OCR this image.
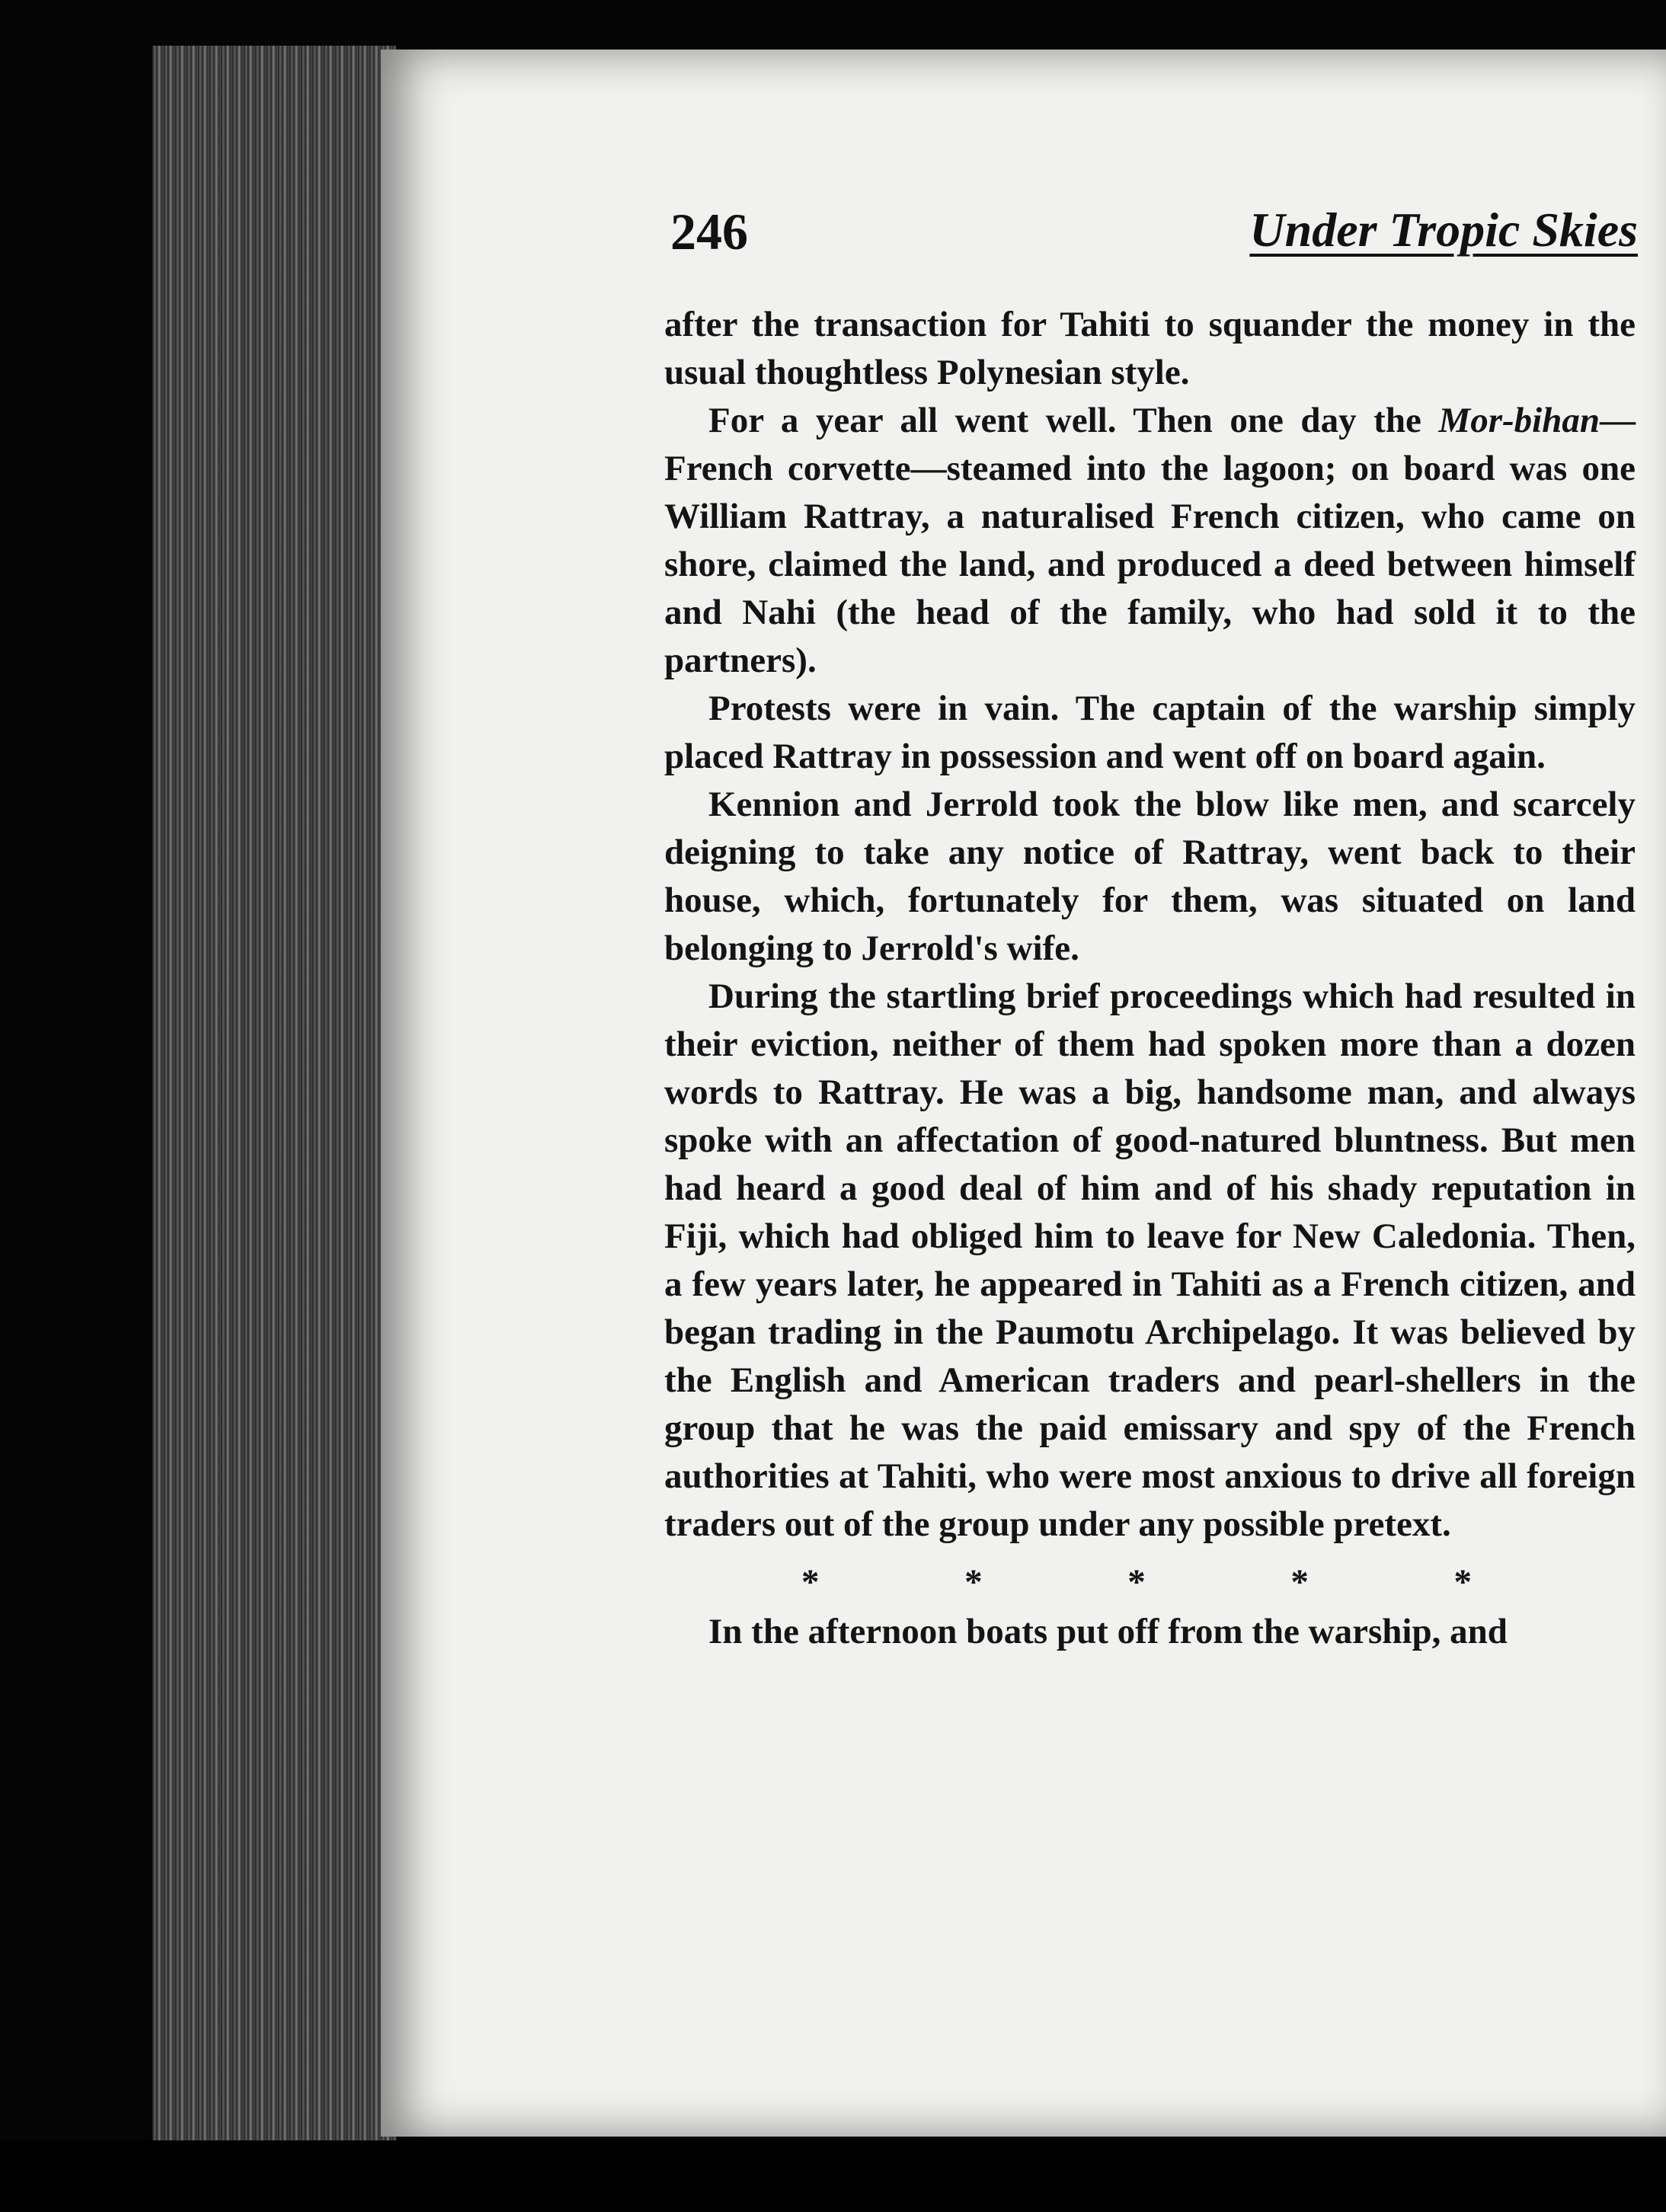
246	Under Tropic Skies

after the transaction for Tahiti to squander the money in the usual thoughtless Polynesian style.

For a year all went well. Then one day the Mor-bihan—French corvette—steamed into the lagoon; on board was one William Rattray, a naturalised French citizen, who came on shore, claimed the land, and produced a deed between himself and Nahi (the head of the family, who had sold it to the partners).

Protests were in vain. The captain of the warship simply placed Rattray in possession and went off on board again.

Kennion and Jerrold took the blow like men, and scarcely deigning to take any notice of Rattray, went back to their house, which, fortunately for them, was situated on land belonging to Jerrold's wife.

During the startling brief proceedings which had resulted in their eviction, neither of them had spoken more than a dozen words to Rattray. He was a big, handsome man, and always spoke with an affectation of good-natured bluntness. But men had heard a good deal of him and of his shady reputation in Fiji, which had obliged him to leave for New Caledonia. Then, a few years later, he appeared in Tahiti as a French citizen, and began trading in the Paumotu Archipelago. It was believed by the English and American traders and pearl-shellers in the group that he was the paid emissary and spy of the French authorities at Tahiti, who were most anxious to drive all foreign traders out of the group under any possible pretext.

*	*	*	*	*

In the afternoon boats put off from the warship, and
